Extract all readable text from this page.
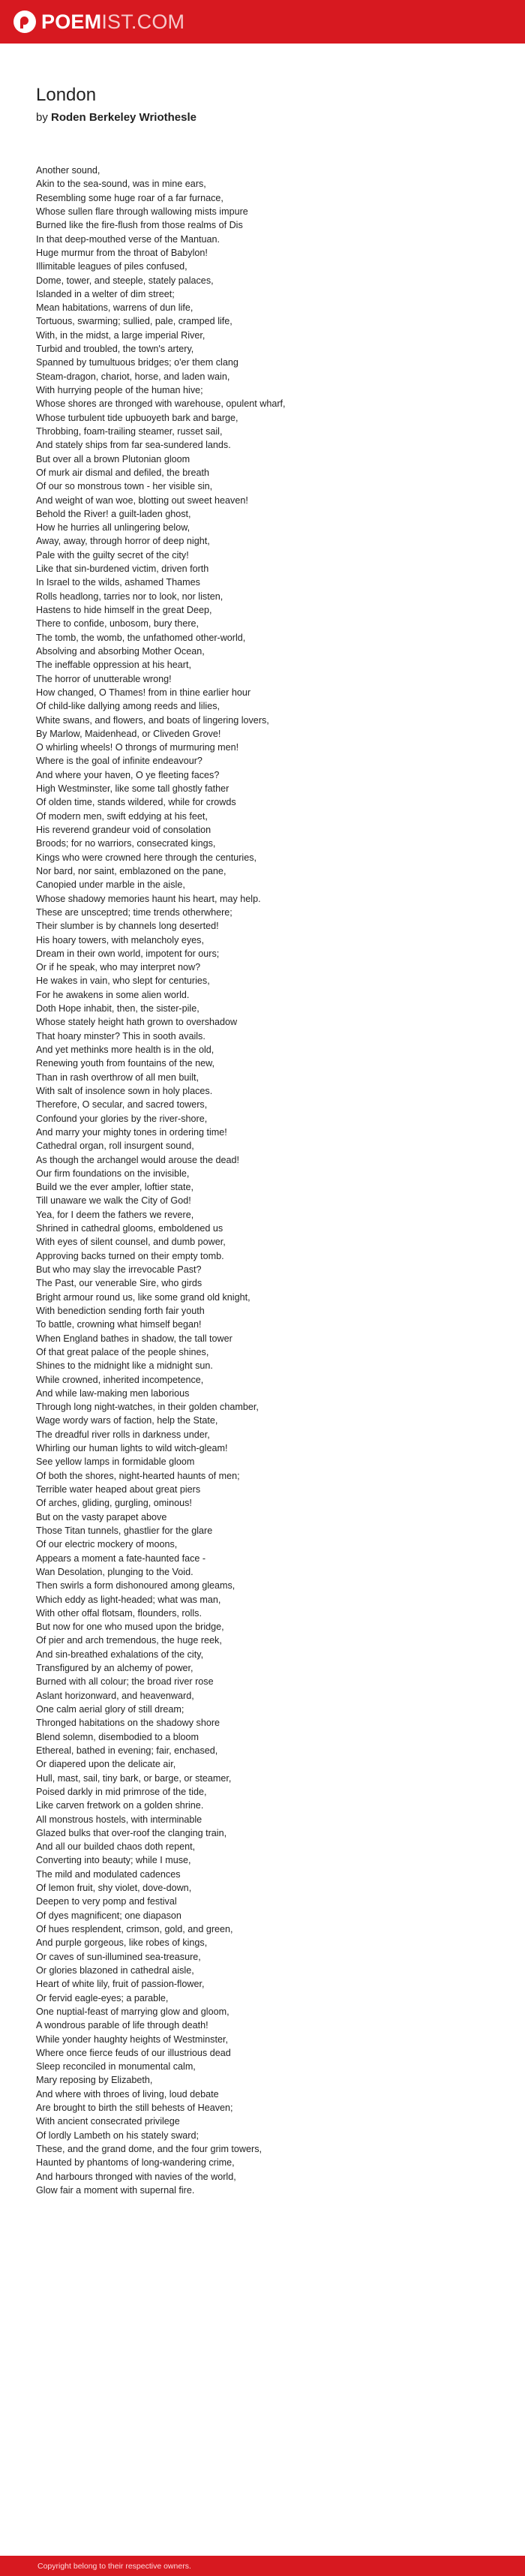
POEMIST.COM
London
by Roden Berkeley Wriothesle
Another sound,
Akin to the sea-sound, was in mine ears,
Resembling some huge roar of a far furnace,
Whose sullen flare through wallowing mists impure
Burned like the fire-flush from those realms of Dis
In that deep-mouthed verse of the Mantuan.
Huge murmur from the throat of Babylon!
Illimitable leagues of piles confused,
Dome, tower, and steeple, stately palaces,
Islanded in a welter of dim street;
Mean habitations, warrens of dun life,
Tortuous, swarming; sullied, pale, cramped life,
With, in the midst, a large imperial River,
Turbid and troubled, the town's artery,
Spanned by tumultuous bridges; o'er them clang
Steam-dragon, chariot, horse, and laden wain,
With hurrying people of the human hive;
Whose shores are thronged with warehouse, opulent wharf,
Whose turbulent tide upbuoyeth bark and barge,
Throbbing, foam-trailing steamer, russet sail,
And stately ships from far sea-sundered lands.
But over all a brown Plutonian gloom
Of murk air dismal and defiled, the breath
Of our so monstrous town - her visible sin,
And weight of wan woe, blotting out sweet heaven!
Behold the River! a guilt-laden ghost,
How he hurries all unlingering below,
Away, away, through horror of deep night,
Pale with the guilty secret of the city!
Like that sin-burdened victim, driven forth
In Israel to the wilds, ashamed Thames
Rolls headlong, tarries nor to look, nor listen,
Hastens to hide himself in the great Deep,
There to confide, unbosom, bury there,
The tomb, the womb, the unfathomed other-world,
Absolving and absorbing Mother Ocean,
The ineffable oppression at his heart,
The horror of unutterable wrong!
How changed, O Thames! from in thine earlier hour
Of child-like dallying among reeds and lilies,
White swans, and flowers, and boats of lingering lovers,
By Marlow, Maidenhead, or Cliveden Grove!
O whirling wheels! O throngs of murmuring men!
Where is the goal of infinite endeavour?
And where your haven, O ye fleeting faces?
High Westminster, like some tall ghostly father
Of olden time, stands wildered, while for crowds
Of modern men, swift eddying at his feet,
His reverend grandeur void of consolation
Broods; for no warriors, consecrated kings,
Kings who were crowned here through the centuries,
Nor bard, nor saint, emblazoned on the pane,
Canopied under marble in the aisle,
Whose shadowy memories haunt his heart, may help.
These are unsceptred; time trends otherwhere;
Their slumber is by channels long deserted!
His hoary towers, with melancholy eyes,
Dream in their own world, impotent for ours;
Or if he speak, who may interpret now?
He wakes in vain, who slept for centuries,
For he awakens in some alien world.
Doth Hope inhabit, then, the sister-pile,
Whose stately height hath grown to overshadow
That hoary minster? This in sooth avails.
And yet methinks more health is in the old,
Renewing youth from fountains of the new,
Than in rash overthrow of all men built,
With salt of insolence sown in holy places.
Therefore, O secular, and sacred towers,
Confound your glories by the river-shore,
And marry your mighty tones in ordering time!
Cathedral organ, roll insurgent sound,
As though the archangel would arouse the dead!
Our firm foundations on the invisible,
Build we the ever ampler, loftier state,
Till unaware we walk the City of God!
Yea, for I deem the fathers we revere,
Shrined in cathedral glooms, emboldened us
With eyes of silent counsel, and dumb power,
Approving backs turned on their empty tomb.
But who may slay the irrevocable Past?
The Past, our venerable Sire, who girds
Bright armour round us, like some grand old knight,
With benediction sending forth fair youth
To battle, crowning what himself began!
When England bathes in shadow, the tall tower
Of that great palace of the people shines,
Shines to the midnight like a midnight sun.
While crowned, inherited incompetence,
And while law-making men laborious
Through long night-watches, in their golden chamber,
Wage wordy wars of faction, help the State,
The dreadful river rolls in darkness under,
Whirling our human lights to wild witch-gleam!
See yellow lamps in formidable gloom
Of both the shores, night-hearted haunts of men;
Terrible water heaped about great piers
Of arches, gliding, gurgling, ominous!
But on the vasty parapet above
Those Titan tunnels, ghastlier for the glare
Of our electric mockery of moons,
Appears a moment a fate-haunted face -
Wan Desolation, plunging to the Void.
Then swirls a form dishonoured among gleams,
Which eddy as light-headed; what was man,
With other offal flotsam, flounders, rolls.
But now for one who mused upon the bridge,
Of pier and arch tremendous, the huge reek,
And sin-breathed exhalations of the city,
Transfigured by an alchemy of power,
Burned with all colour; the broad river rose
Aslant horizonward, and heavenward,
One calm aerial glory of still dream;
Thronged habitations on the shadowy shore
Blend solemn, disembodied to a bloom
Ethereal, bathed in evening; fair, enchased,
Or diapered upon the delicate air,
Hull, mast, sail, tiny bark, or barge, or steamer,
Poised darkly in mid primrose of the tide,
Like carven fretwork on a golden shrine.
All monstrous hostels, with interminable
Glazed bulks that over-roof the clanging train,
And all our builded chaos doth repent,
Converting into beauty; while I muse,
The mild and modulated cadences
Of lemon fruit, shy violet, dove-down,
Deepen to very pomp and festival
Of dyes magnificent; one diapason
Of hues resplendent, crimson, gold, and green,
And purple gorgeous, like robes of kings,
Or caves of sun-illumined sea-treasure,
Or glories blazoned in cathedral aisle,
Heart of white lily, fruit of passion-flower,
Or fervid eagle-eyes; a parable,
One nuptial-feast of marrying glow and gloom,
A wondrous parable of life through death!
While yonder haughty heights of Westminster,
Where once fierce feuds of our illustrious dead
Sleep reconciled in monumental calm,
Mary reposing by Elizabeth,
And where with throes of living, loud debate
Are brought to birth the still behests of Heaven;
With ancient consecrated privilege
Of lordly Lambeth on his stately sward;
These, and the grand dome, and the four grim towers,
Haunted by phantoms of long-wandering crime,
And harbours thronged with navies of the world,
Glow fair a moment with supernal fire.
Copyright belong to their respective owners.
